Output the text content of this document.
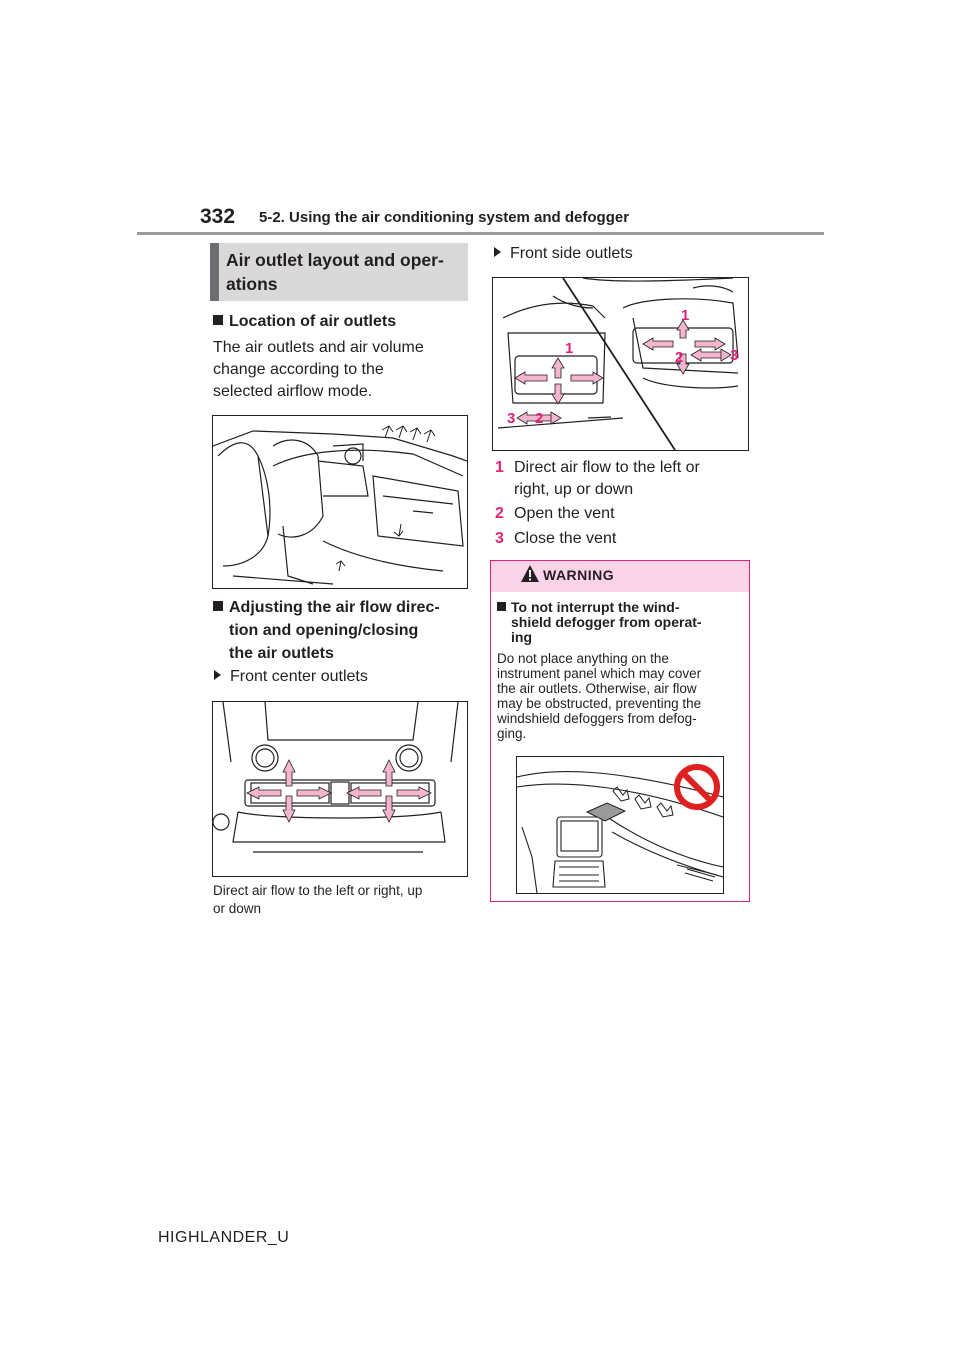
332 5-2. Using the air conditioning system and defogger
Air outlet layout and oper-
ations
Location of air outlets
The air outlets and air volume
change according to the
selected airflow mode.
Adjusting the air flow direc-
tion and opening/closing
the air outlets
Front center outlets
Direct air flow to the left or right, up
or down
Front side outlets
1
1
2	3
3 2
1 Direct air flow to the left or
right, up or down
2 Open the vent
3 Close the vent
WARNING
To not interrupt the wind-
shield defogger from operat-
ing
Do not place anything on the
instrument panel which may cover
the air outlets. Otherwise, air flow
may be obstructed, preventing the
windshield defoggers from defog-
ging.
HIGHLANDER_U
